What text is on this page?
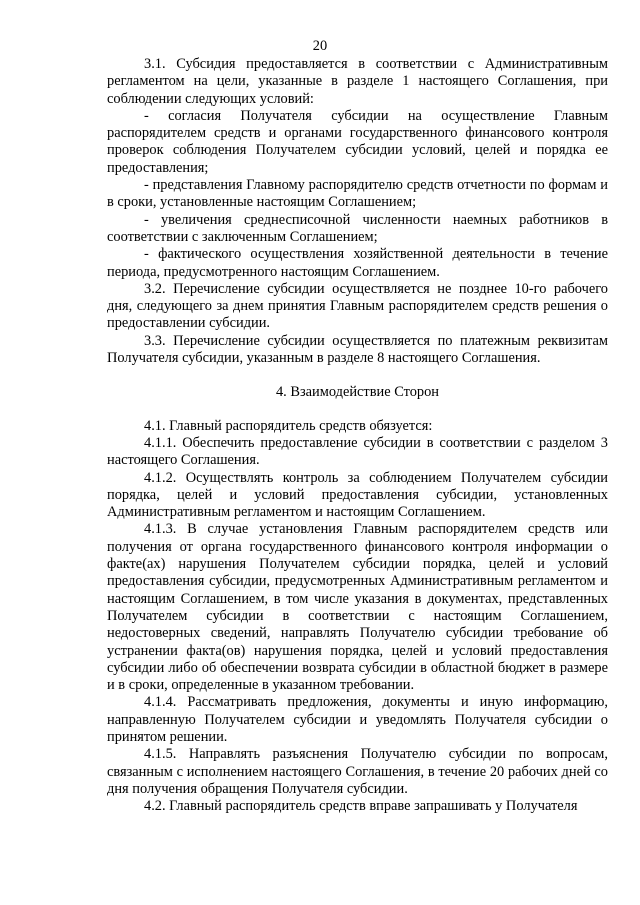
20

3.1. Субсидия предоставляется в соответствии с Административным регламентом на цели, указанные в разделе 1 настоящего Соглашения, при соблюдении следующих условий:

- согласия Получателя субсидии на осуществление Главным распорядителем средств и органами государственного финансового контроля проверок соблюдения Получателем субсидии условий, целей и порядка ее предоставления;

- представления Главному распорядителю средств отчетности по формам и в сроки, установленные настоящим Соглашением;

- увеличения среднесписочной численности наемных работников в соответствии с заключенным Соглашением;

- фактического осуществления хозяйственной деятельности в течение периода, предусмотренного настоящим Соглашением.

3.2. Перечисление субсидии осуществляется не позднее 10-го рабочего дня, следующего за днем принятия Главным распорядителем средств решения о предоставлении субсидии.

3.3. Перечисление субсидии осуществляется по платежным реквизитам Получателя субсидии, указанным в разделе 8 настоящего Соглашения.

4. Взаимодействие Сторон

4.1. Главный распорядитель средств обязуется:

4.1.1. Обеспечить предоставление субсидии в соответствии с разделом 3 настоящего Соглашения.

4.1.2. Осуществлять контроль за соблюдением Получателем субсидии порядка, целей и условий предоставления субсидии, установленных Административным регламентом и настоящим Соглашением.

4.1.3. В случае установления Главным распорядителем средств или получения от органа государственного финансового контроля информации о факте(ах) нарушения Получателем субсидии порядка, целей и условий предоставления субсидии, предусмотренных Административным регламентом и настоящим Соглашением, в том числе указания в документах, представленных Получателем субсидии в соответствии с настоящим Соглашением, недостоверных сведений, направлять Получателю субсидии требование об устранении факта(ов) нарушения порядка, целей и условий предоставления субсидии либо об обеспечении возврата субсидии в областной бюджет в размере и в сроки, определенные в указанном требовании.

4.1.4. Рассматривать предложения, документы и иную информацию, направленную Получателем субсидии и уведомлять Получателя субсидии о принятом решении.

4.1.5. Направлять разъяснения Получателю субсидии по вопросам, связанным с исполнением настоящего Соглашения, в течение 20 рабочих дней со дня получения обращения Получателя субсидии.

4.2. Главный распорядитель средств вправе запрашивать у Получателя
